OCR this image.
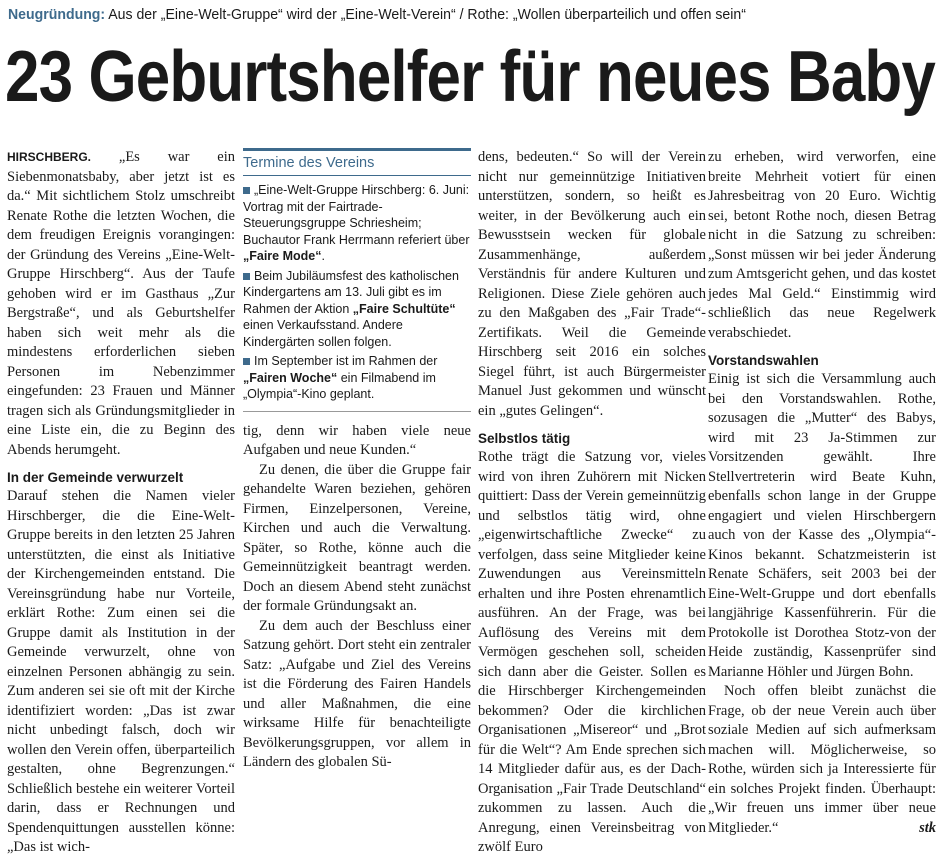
Neugründung: Aus der „Eine-Welt-Gruppe“ wird der „Eine-Welt-Verein“ / Rothe: „Wollen überparteilich und offen sein“
23 Geburtshelfer für neues Baby

HIRSCHBERG. „Es war ein Siebenmonatsbaby, aber jetzt ist es da.“ Mit sichtlichem Stolz umschreibt Renate Rothe die letzten Wochen, die dem freudigen Ereignis vorangingen: der Gründung des Vereins „Eine-Welt-Gruppe Hirschberg“. Aus der Taufe gehoben wird er im Gasthaus „Zur Bergstraße“, und als Geburtshelfer haben sich weit mehr als die mindestens erforderlichen sieben Personen im Nebenzimmer eingefunden: 23 Frauen und Männer tragen sich als Gründungsmitglieder in eine Liste ein, die zu Beginn des Abends herumgeht.

In der Gemeinde verwurzelt

Darauf stehen die Namen vieler Hirschberger, die die Eine-Welt-Gruppe bereits in den letzten 25 Jahren unterstützten, die einst als Initiative der Kirchengemeinden entstand. Die Vereinsgründung habe nur Vorteile, erklärt Rothe: Zum einen sei die Gruppe damit als Institution in der Gemeinde verwurzelt, ohne von einzelnen Personen abhängig zu sein. Zum anderen sei sie oft mit der Kirche identifiziert worden: „Das ist zwar nicht unbedingt falsch, doch wir wollen den Verein offen, überparteilich gestalten, ohne Begrenzungen.“ Schließlich bestehe ein weiterer Vorteil darin, dass er Rechnungen und Spendenquittungen ausstellen könne: „Das ist wich-

Termine des Vereins

„Eine-Welt-Gruppe Hirschberg: 6. Juni: Vortrag mit der Fairtrade-Steuerungsgruppe Schriesheim; Buchautor Frank Herrmann referiert über „Faire Mode“.

Beim Jubiläumsfest des katholischen Kindergartens am 13. Juli gibt es im Rahmen der Aktion „Faire Schultüte“ einen Verkaufsstand. Andere Kindergärten sollen folgen.

Im September ist im Rahmen der „Fairen Woche“ ein Filmabend im „Olympia“-Kino geplant.

tig, denn wir haben viele neue Aufgaben und neue Kunden.“

Zu denen, die über die Gruppe fair gehandelte Waren beziehen, gehören Firmen, Einzelpersonen, Vereine, Kirchen und auch die Verwaltung. Später, so Rothe, könne auch die Gemeinnützigkeit beantragt werden. Doch an diesem Abend steht zunächst der formale Gründungsakt an.

Zu dem auch der Beschluss einer Satzung gehört. Dort steht ein zentraler Satz: „Aufgabe und Ziel des Vereins ist die Förderung des Fairen Handels und aller Maßnahmen, die eine wirksame Hilfe für benachteiligte Bevölkerungsgruppen, vor allem in Ländern des globalen Sü-

dens, bedeuten.“ So will der Verein nicht nur gemeinnützige Initiativen unterstützen, sondern, so heißt es weiter, in der Bevölkerung auch ein Bewusstsein wecken für globale Zusammenhänge, außerdem Verständnis für andere Kulturen und Religionen. Diese Ziele gehören auch zu den Maßgaben des „Fair Trade“-Zertifikats. Weil die Gemeinde Hirschberg seit 2016 ein solches Siegel führt, ist auch Bürgermeister Manuel Just gekommen und wünscht ein „gutes Gelingen“.

Selbstlos tätig

Rothe trägt die Satzung vor, vieles wird von ihren Zuhörern mit Nicken quittiert: Dass der Verein gemeinnützig und selbstlos tätig wird, ohne „eigenwirtschaftliche Zwecke“ zu verfolgen, dass seine Mitglieder keine Zuwendungen aus Vereinsmitteln erhalten und ihre Posten ehrenamtlich ausführen. An der Frage, was bei Auflösung des Vereins mit dem Vermögen geschehen soll, scheiden sich dann aber die Geister. Sollen es die Hirschberger Kirchengemeinden bekommen? Oder die kirchlichen Organisationen „Misereor“ und „Brot für die Welt“? Am Ende sprechen sich 14 Mitglieder dafür aus, es der Dach-Organisation „Fair Trade Deutschland“ zukommen zu lassen. Auch die Anregung, einen Vereinsbeitrag von zwölf Euro

zu erheben, wird verworfen, eine breite Mehrheit votiert für einen Jahresbeitrag von 20 Euro. Wichtig sei, betont Rothe noch, diesen Betrag nicht in die Satzung zu schreiben: „Sonst müssen wir bei jeder Änderung zum Amtsgericht gehen, und das kostet jedes Mal Geld.“ Einstimmig wird schließlich das neue Regelwerk verabschiedet.

Vorstandswahlen

Einig ist sich die Versammlung auch bei den Vorstandswahlen. Rothe, sozusagen die „Mutter“ des Babys, wird mit 23 Ja-Stimmen zur Vorsitzenden gewählt. Ihre Stellvertreterin wird Beate Kuhn, ebenfalls schon lange in der Gruppe engagiert und vielen Hirschbergern auch von der Kasse des „Olympia“-Kinos bekannt. Schatzmeisterin ist Renate Schäfers, seit 2003 bei der Eine-Welt-Gruppe und dort ebenfalls langjährige Kassenführerin. Für die Protokolle ist Dorothea Stotz-von der Heide zuständig, Kassenprüfer sind Marianne Höhler und Jürgen Bohn.

Noch offen bleibt zunächst die Frage, ob der neue Verein auch über soziale Medien auf sich aufmerksam machen will. Möglicherweise, so Rothe, würden sich ja Interessierte für ein solches Projekt finden. Überhaupt: „Wir freuen uns immer über neue Mitglieder.“	stk
